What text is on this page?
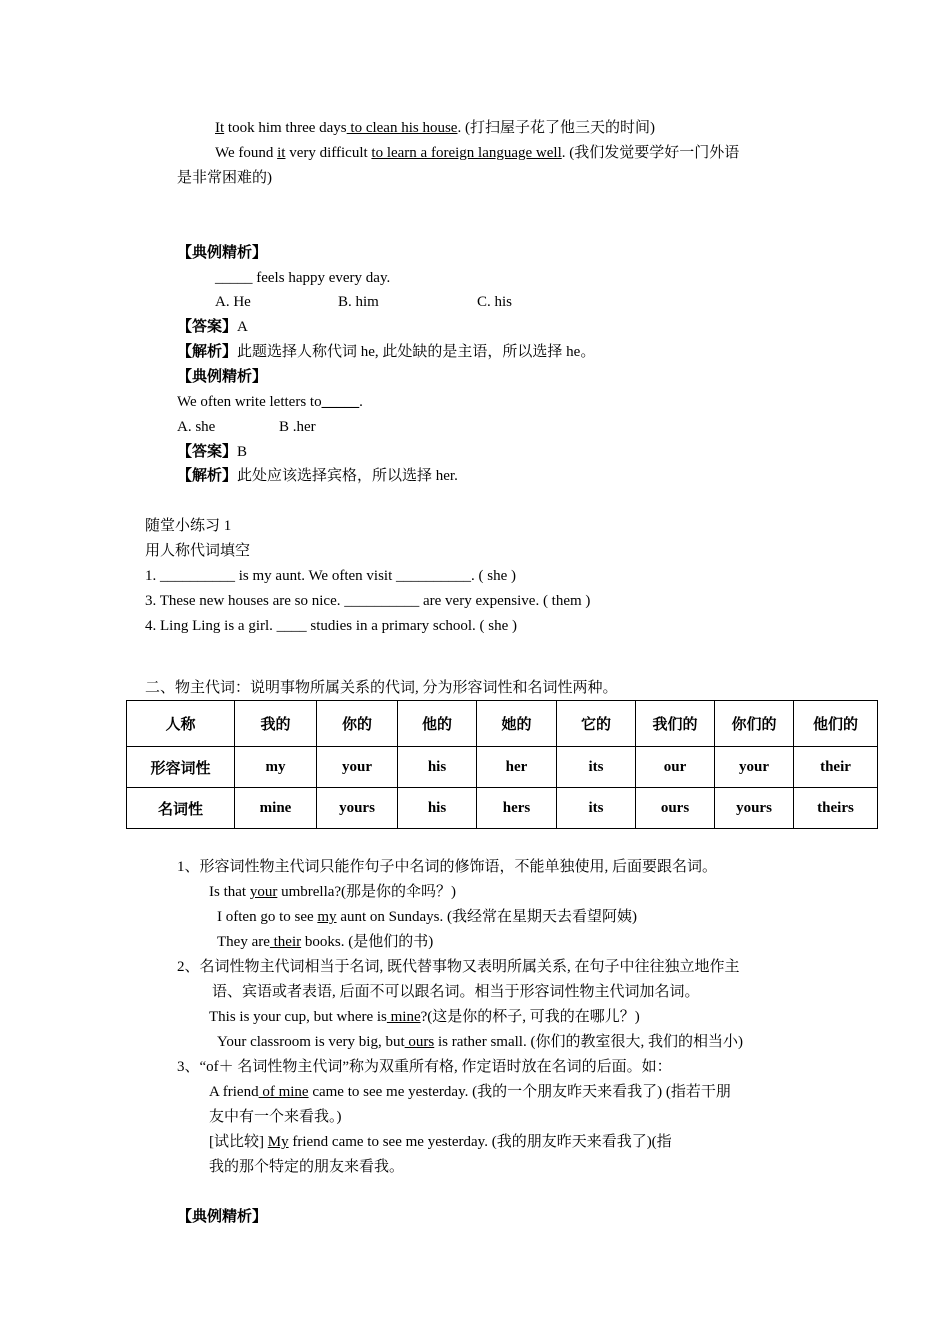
It took him three days to clean his house. (打扫屋子花了他三天的时间)
We found it very difficult to learn a foreign language well. (我们发觉要学好一门外语
是非常困难的)
【典例精析】
_____ feels happy every day.
A. He	B. him	C. his
【答案】A
【解析】此题选择人称代词 he, 此处缺的是主语，所以选择 he。
【典例精析】
We often write letters to_____.
A. she	B .her
【答案】B
【解析】此处应该选择宾格，所以选择 her.
随堂小练习 1
用人称代词填空
1. __________ is my aunt. We often visit __________. ( she )
3. These new houses are so nice. __________ are very expensive. ( them )
4. Ling Ling is a girl. ____ studies in a primary school. ( she )
二、物主代词：说明事物所属关系的代词, 分为形容词性和名词性两种。
人称	我的	你的	他的	她的	它的	我们的	你们的	他们的
形容词性	my	your	his	her	its	our	your	their
名词性	mine	yours	his	hers	its	ours	yours	theirs
1、形容词性物主代词只能作句子中名词的修饰语，不能单独使用, 后面要跟名词。
Is that your umbrella?(那是你的伞吗？)
I often go to see my aunt on Sundays. (我经常在星期天去看望阿姨)
They are their books. (是他们的书)
2、名词性物主代词相当于名词, 既代替事物又表明所属关系, 在句子中往往独立地作主
语、宾语或者表语, 后面不可以跟名词。相当于形容词性物主代词加名词。
This is your cup, but where is mine?(这是你的杯子, 可我的在哪儿？)
Your classroom is very big, but ours is rather small. (你们的教室很大, 我们的相当小)
3、“of＋ 名词性物主代词”称为双重所有格, 作定语时放在名词的后面。如：
A friend of mine came to see me yesterday. (我的一个朋友昨天来看我了) (指若干朋
友中有一个来看我。)
[试比较] My friend came to see me yesterday. (我的朋友昨天来看我了)(指
我的那个特定的朋友来看我。
【典例精析】
